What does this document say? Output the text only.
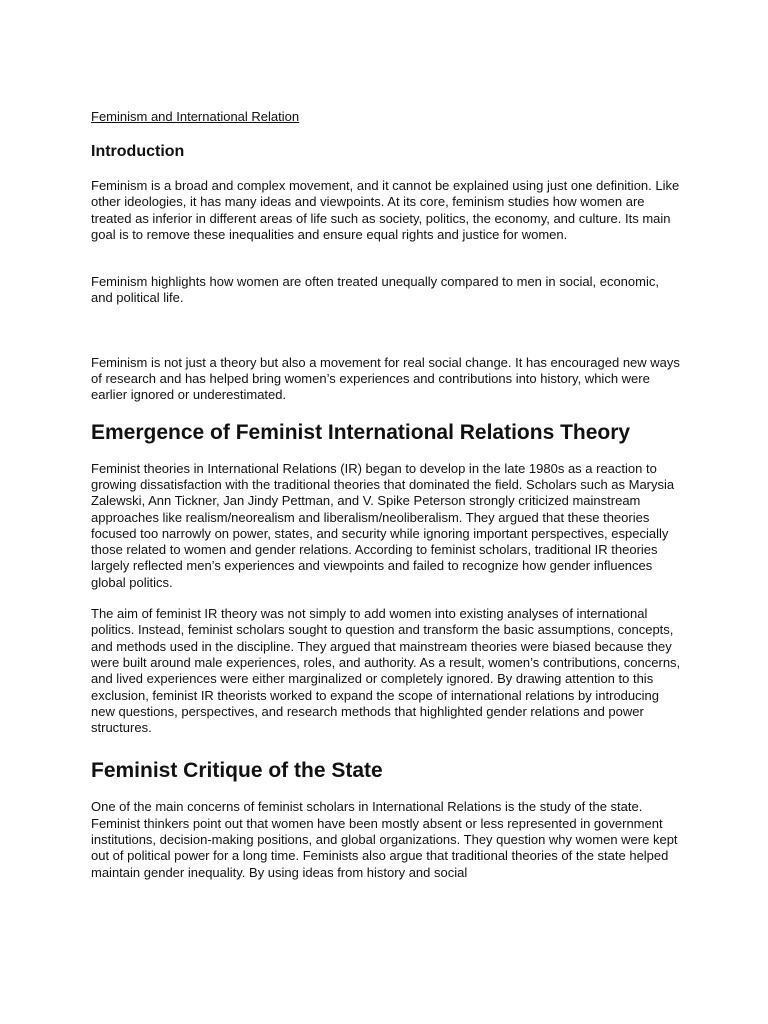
Feminism and International Relation
Introduction

Feminism is a broad and complex movement, and it cannot be explained using just one definition. Like other ideologies, it has many ideas and viewpoints. At its core, feminism studies how women are treated as inferior in different areas of life such as society, politics, the economy, and culture. Its main goal is to remove these inequalities and ensure equal rights and justice for women.

Feminism highlights how women are often treated unequally compared to men in social, economic, and political life.

Feminism is not just a theory but also a movement for real social change. It has encouraged new ways of research and has helped bring women’s experiences and contributions into history, which were earlier ignored or underestimated.

Emergence of Feminist International Relations Theory

Feminist theories in International Relations (IR) began to develop in the late 1980s as a reaction to growing dissatisfaction with the traditional theories that dominated the field. Scholars such as Marysia Zalewski, Ann Tickner, Jan Jindy Pettman, and V. Spike Peterson strongly criticized mainstream approaches like realism/neorealism and liberalism/neoliberalism. They argued that these theories focused too narrowly on power, states, and security while ignoring important perspectives, especially those related to women and gender relations. According to feminist scholars, traditional IR theories largely reflected men’s experiences and viewpoints and failed to recognize how gender influences global politics.

The aim of feminist IR theory was not simply to add women into existing analyses of international politics. Instead, feminist scholars sought to question and transform the basic assumptions, concepts, and methods used in the discipline. They argued that mainstream theories were biased because they were built around male experiences, roles, and authority. As a result, women’s contributions, concerns, and lived experiences were either marginalized or completely ignored. By drawing attention to this exclusion, feminist IR theorists worked to expand the scope of international relations by introducing new questions, perspectives, and research methods that highlighted gender relations and power structures.

Feminist Critique of the State

One of the main concerns of feminist scholars in International Relations is the study of the state. Feminist thinkers point out that women have been mostly absent or less represented in government institutions, decision-making positions, and global organizations. They question why women were kept out of political power for a long time. Feminists also argue that traditional theories of the state helped maintain gender inequality. By using ideas from history and social
